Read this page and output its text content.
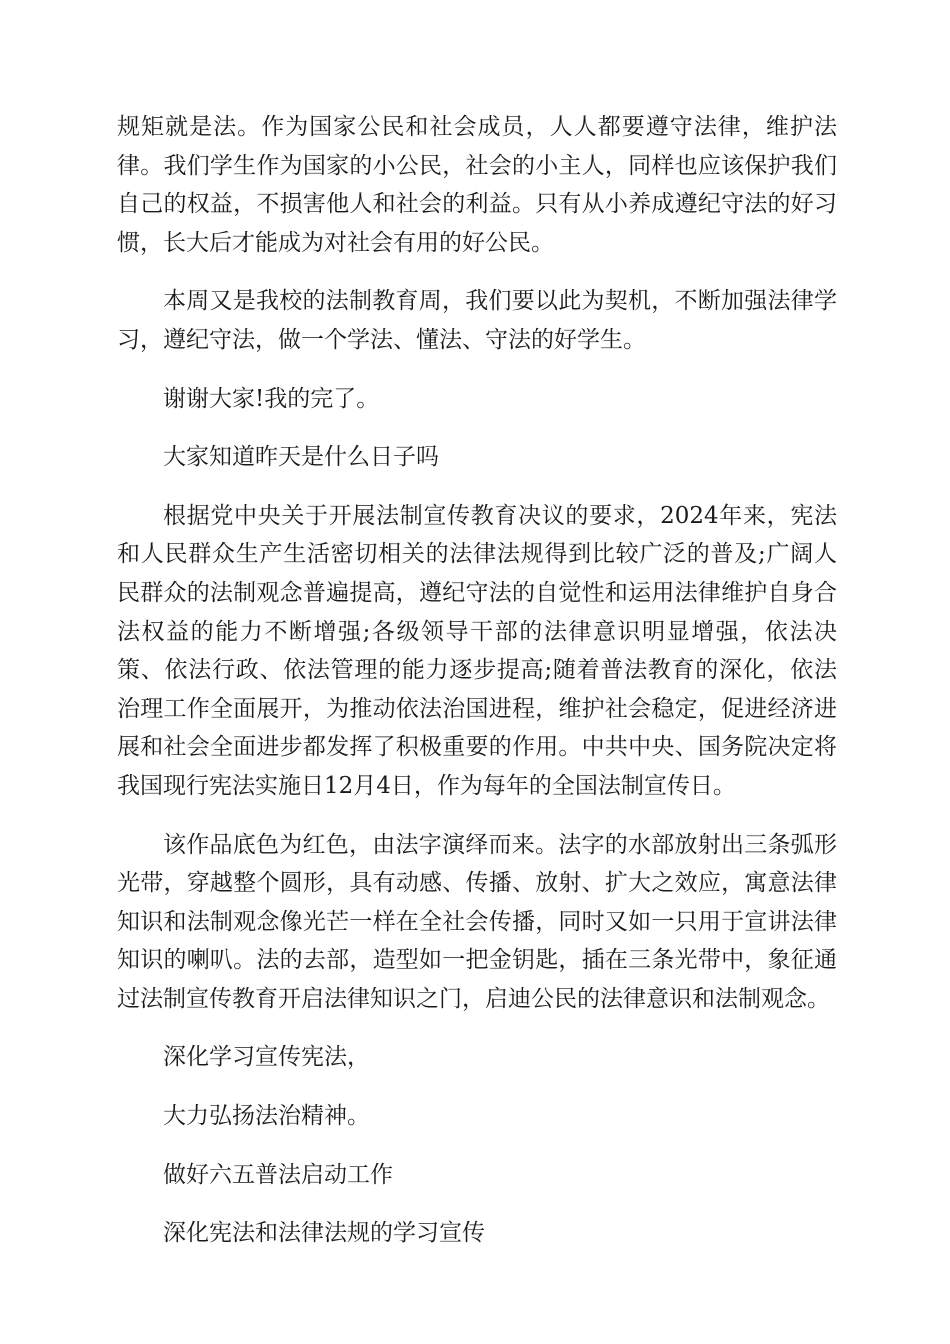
规矩就是法。作为国家公民和社会成员，人人都要遵守法律，维护法律。我们学生作为国家的小公民，社会的小主人，同样也应该保护我们自己的权益，不损害他人和社会的利益。只有从小养成遵纪守法的好习惯，长大后才能成为对社会有用的好公民。

本周又是我校的法制教育周，我们要以此为契机，不断加强法律学习，遵纪守法，做一个学法、懂法、守法的好学生。

谢谢大家!我的完了。

大家知道昨天是什么日子吗

根据党中央关于开展法制宣传教育决议的要求，2024年来，宪法和人民群众生产生活密切相关的法律法规得到比较广泛的普及;广阔人民群众的法制观念普遍提高，遵纪守法的自觉性和运用法律维护自身合法权益的能力不断增强;各级领导干部的法律意识明显增强，依法决策、依法行政、依法管理的能力逐步提高;随着普法教育的深化，依法治理工作全面展开，为推动依法治国进程，维护社会稳定，促进经济进展和社会全面进步都发挥了积极重要的作用。中共中央、国务院决定将我国现行宪法实施日12月4日，作为每年的全国法制宣传日。

该作品底色为红色，由法字演绎而来。法字的水部放射出三条弧形光带，穿越整个圆形，具有动感、传播、放射、扩大之效应，寓意法律知识和法制观念像光芒一样在全社会传播，同时又如一只用于宣讲法律知识的喇叭。法的去部，造型如一把金钥匙，插在三条光带中，象征通过法制宣传教育开启法律知识之门，启迪公民的法律意识和法制观念。

深化学习宣传宪法，

大力弘扬法治精神。

做好六五普法启动工作

深化宪法和法律法规的学习宣传
